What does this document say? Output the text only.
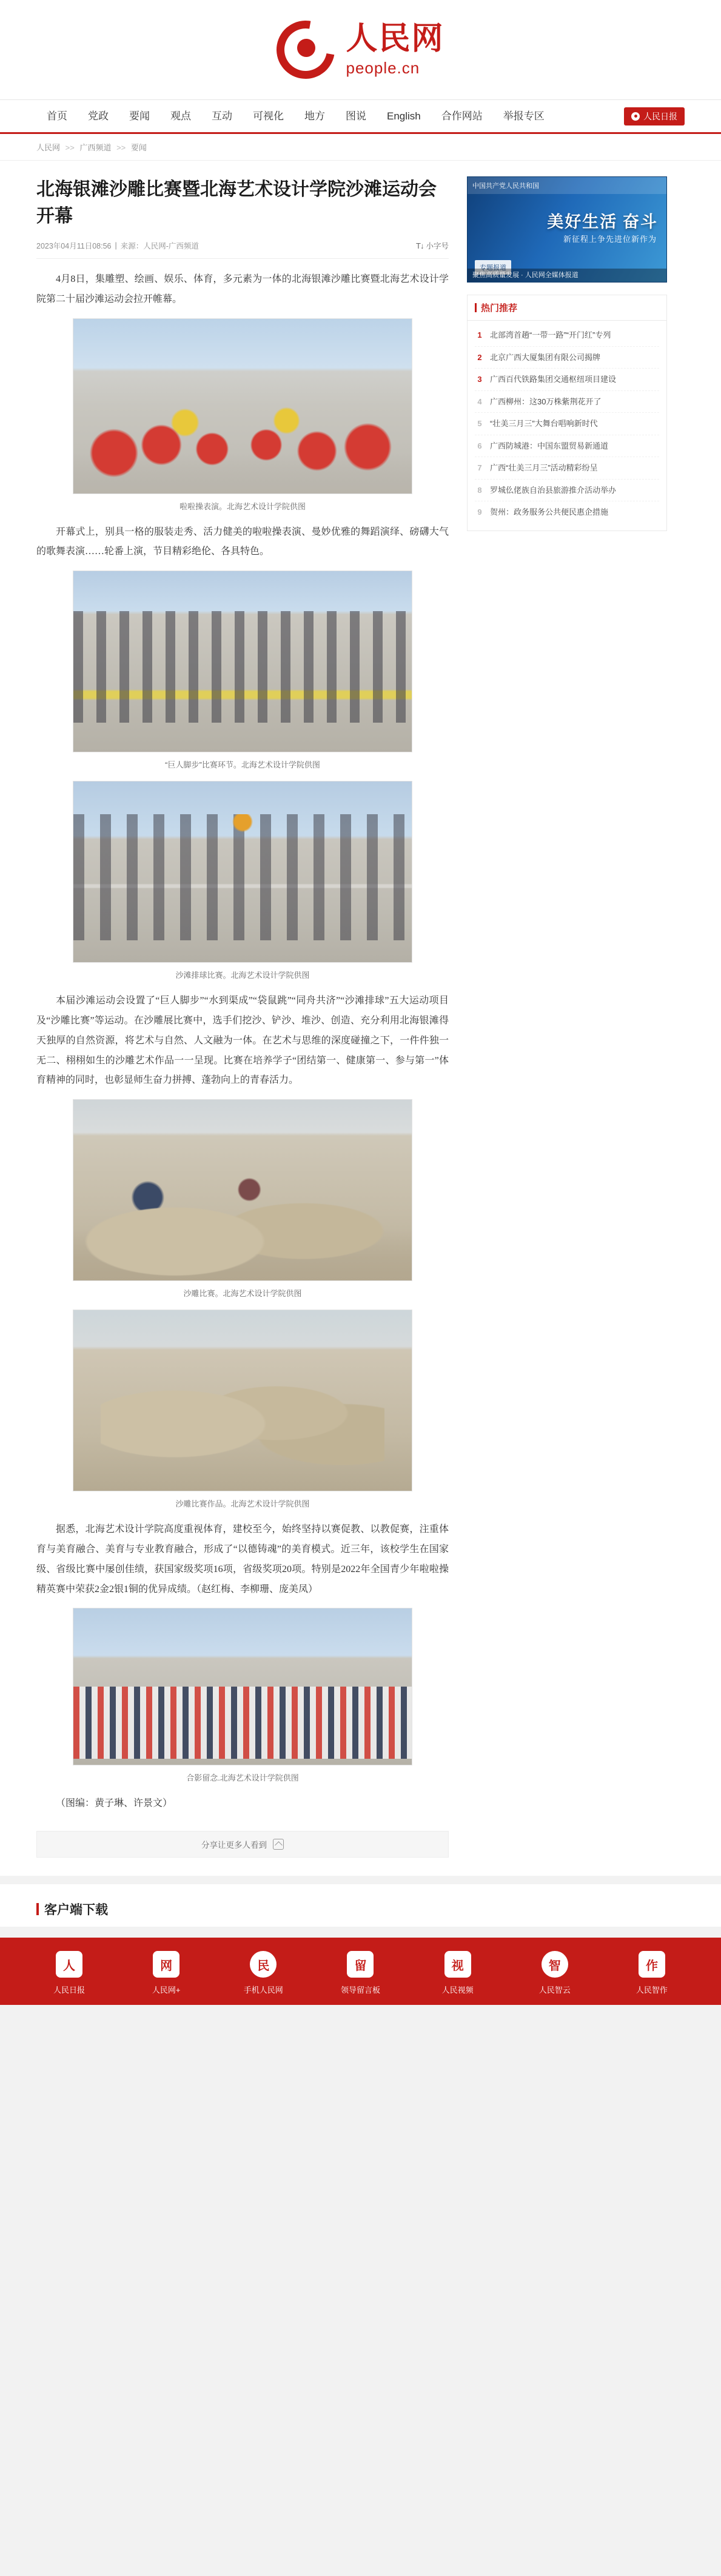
人民网
people.cn
首页	党政	要闻	观点	互动	可视化	地方	图说	English	合作网站	举报专区	人民日报
人民网 >> 广西频道 >> 要闻
北海银滩沙雕比赛暨北海艺术设计学院沙滩运动会开幕
2023年04月11日08:56 | 来源：人民网-广西频道	T↓ 小字号

4月8日，集雕塑、绘画、娱乐、体育，多元素为一体的北海银滩沙雕比赛暨北海艺术设计学院第二十届沙滩运动会拉开帷幕。

啦啦操表演。北海艺术设计学院供图

开幕式上，别具一格的服装走秀、活力健美的啦啦操表演、曼妙优雅的舞蹈演绎、磅礴大气的歌舞表演……轮番上演，节目精彩绝伦、各具特色。

“巨人脚步”比赛环节。北海艺术设计学院供图
沙滩排球比赛。北海艺术设计学院供图

本届沙滩运动会设置了“巨人脚步”“水到渠成”“袋鼠跳”“同舟共济”“沙滩排球”五大运动项目及“沙雕比赛”等运动。在沙雕展比赛中，选手们挖沙、铲沙、堆沙、创造、充分利用北海银滩得天独厚的自然资源，将艺术与自然、人文融为一体。在艺术与思维的深度碰撞之下，一件件独一无二、栩栩如生的沙雕艺术作品一一呈现。比赛在培养学子“团结第一、健康第一、参与第一”体育精神的同时，也彰显师生奋力拼搏、蓬勃向上的青春活力。

沙雕比赛。北海艺术设计学院供图
沙雕比赛作品。北海艺术设计学院供图

据悉，北海艺术设计学院高度重视体育，建校至今，始终坚持以赛促教、以教促赛，注重体育与美育融合、美育与专业教育融合，形成了“以德铸魂”的美育模式。近三年，该校学生在国家级、省级比赛中屡创佳绩，获国家级奖项16项，省级奖项20项。特别是2022年全国青少年啦啦操精英赛中荣获2金2银1铜的优异成绩。（赵红梅、李柳珊、庞美凤）

合影留念.北海艺术设计学院供图

（图编：黄子琳、许景文）

分享让更多人看到
中国共产党人民共和国
美好生活 奋斗
新征程上争先进位新作为
专题报道
聚焦高质量发展 · 人民网全媒体报道
热门推荐
1	北部湾首趟“一带一路”“开门红”专列
2	北京广西大厦集团有限公司揭牌
3	广西百代铁路集团交通枢纽项目建设
4	广西柳州：这30万株紫荆花开了
5	“壮美三月三”大舞台唱响新时代
6	广西防城港：中国东盟贸易新通道
7	广西“壮美三月三”活动精彩纷呈
8	罗城仫佬族自治县旅游推介活动举办
9	贺州：政务服务公共便民惠企措施
客户端下载
人
人民日报
网
人民网+
民
手机人民网
留
领导留言板
视
人民视频
智
人民智云
作
人民智作
